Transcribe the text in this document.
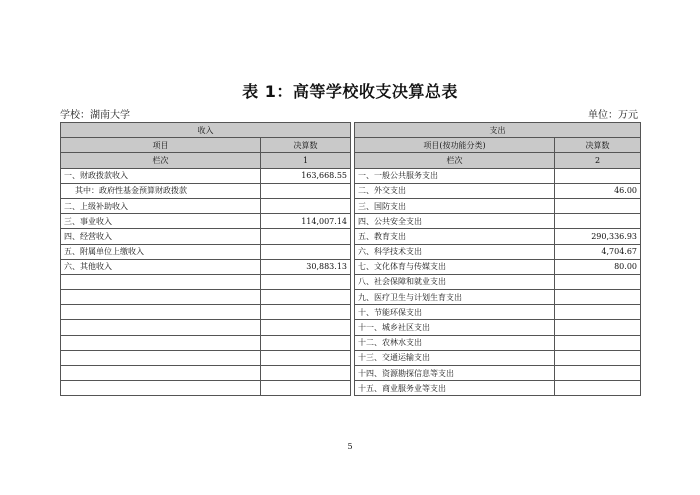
表 1：高等学校收支决算总表
学校：湖南大学	单位：万元
收入			支出	
项目	决算数		项目(按功能分类)	决算数
栏次	1		栏次	2
一、财政拨款收入	163,668.55		一、一般公共服务支出	
其中：政府性基金预算财政拨款			二、外交支出	46.00
二、上级补助收入			三、国防支出	
三、事业收入	114,007.14		四、公共安全支出	
四、经营收入			五、教育支出	290,336.93
五、附属单位上缴收入			六、科学技术支出	4,704.67
六、其他收入	30,883.13		七、文化体育与传媒支出	80.00
			八、社会保障和就业支出	
			九、医疗卫生与计划生育支出	
			十、节能环保支出	
			十一、城乡社区支出	
			十二、农林水支出	
			十三、交通运输支出	
			十四、资源勘探信息等支出	
			十五、商业服务业等支出	
5
